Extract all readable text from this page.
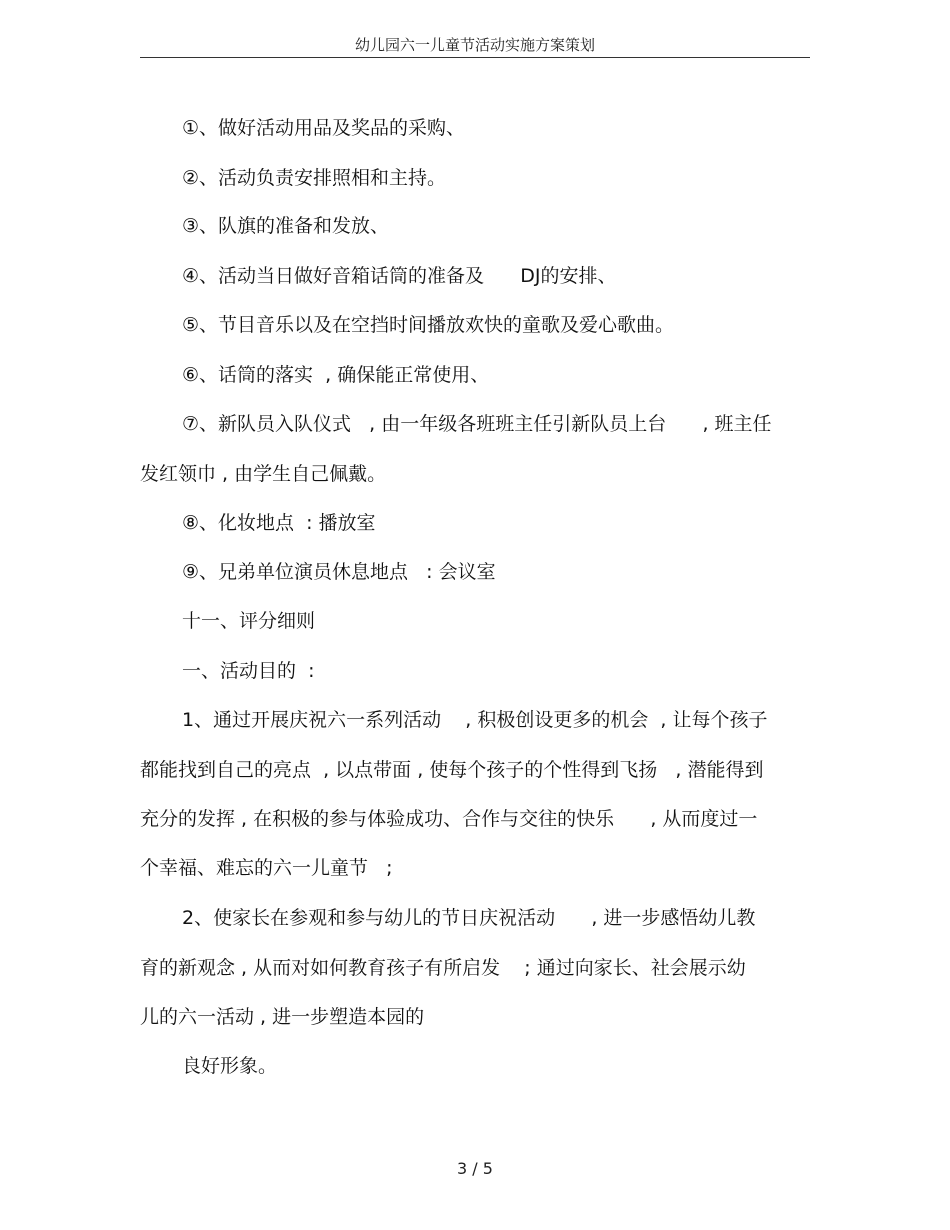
幼儿园六一儿童节活动实施方案策划
①、做好活动用品及奖品的采购、
②、活动负责安排照相和主持。
③、队旗的准备和发放、
④、活动当日做好音箱话筒的准备及      DJ的安排、
⑤、节目音乐以及在空挡时间播放欢快的童歌及爱心歌曲。
⑥、话筒的落实  , 确保能正常使用、
⑦、新队员入队仪式   , 由一年级各班班主任引新队员上台      , 班主任
发红领巾 , 由学生自己佩戴。
⑧、化妆地点  : 播放室
⑨、兄弟单位演员休息地点   : 会议室
十一、评分细则
一、活动目的  :
1、通过开展庆祝六一系列活动    , 积极创设更多的机会  , 让每个孩子
都能找到自己的亮点  , 以点带面 , 使每个孩子的个性得到飞扬   , 潜能得到
充分的发挥 , 在积极的参与体验成功、合作与交往的快乐      , 从而度过一
个幸福、难忘的六一儿童节   ;
2、使家长在参观和参与幼儿的节日庆祝活动      , 进一步感悟幼儿教
育的新观念 , 从而对如何教育孩子有所启发    ; 通过向家长、社会展示幼
儿的六一活动 , 进一步塑造本园的
良好形象。
3 / 5
